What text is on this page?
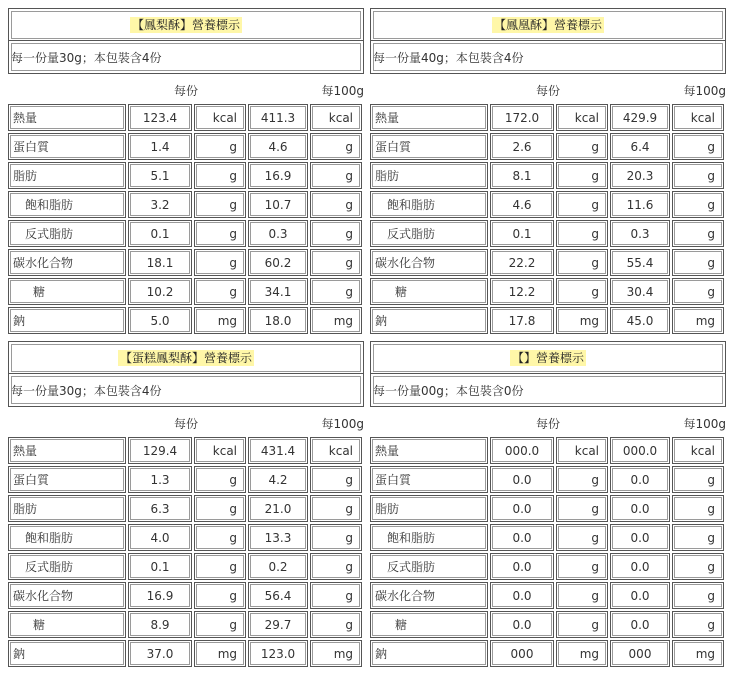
【鳳梨酥】營養標示
每一份量30g；本包裝含4份
每份	每100g
熱量	123.4	kcal	411.3	kcal
蛋白質	1.4	g	4.6	g
脂肪	5.1	g	16.9	g
飽和脂肪	3.2	g	10.7	g
反式脂肪	0.1	g	0.3	g
碳水化合物	18.1	g	60.2	g
糖	10.2	g	34.1	g
鈉	5.0	mg	18.0	mg
【鳳凰酥】營養標示
每一份量40g；本包裝含4份
每份	每100g
熱量	172.0	kcal	429.9	kcal
蛋白質	2.6	g	6.4	g
脂肪	8.1	g	20.3	g
飽和脂肪	4.6	g	11.6	g
反式脂肪	0.1	g	0.3	g
碳水化合物	22.2	g	55.4	g
糖	12.2	g	30.4	g
鈉	17.8	mg	45.0	mg
【蛋糕鳳梨酥】營養標示
每一份量30g；本包裝含4份
每份	每100g
熱量	129.4	kcal	431.4	kcal
蛋白質	1.3	g	4.2	g
脂肪	6.3	g	21.0	g
飽和脂肪	4.0	g	13.3	g
反式脂肪	0.1	g	0.2	g
碳水化合物	16.9	g	56.4	g
糖	8.9	g	29.7	g
鈉	37.0	mg	123.0	mg
【】營養標示
每一份量00g；本包裝含0份
每份	每100g
熱量	000.0	kcal	000.0	kcal
蛋白質	0.0	g	0.0	g
脂肪	0.0	g	0.0	g
飽和脂肪	0.0	g	0.0	g
反式脂肪	0.0	g	0.0	g
碳水化合物	0.0	g	0.0	g
糖	0.0	g	0.0	g
鈉	000	mg	000	mg
